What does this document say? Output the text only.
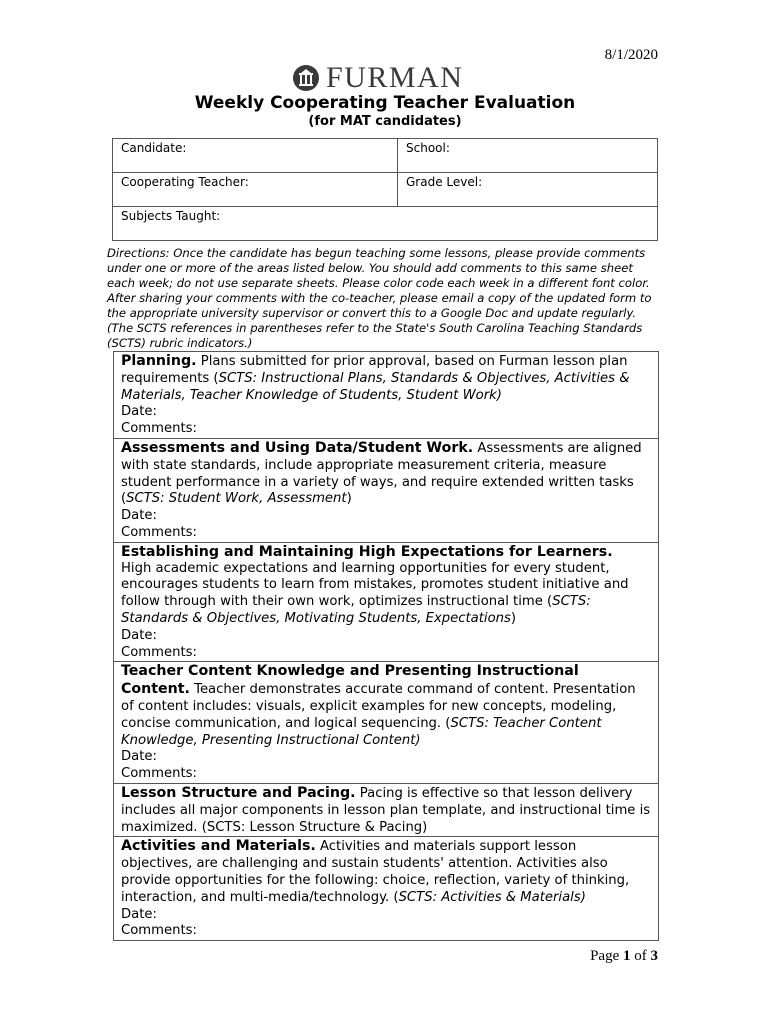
8/1/2020
FURMAN
Weekly Cooperating Teacher Evaluation
(for MAT candidates)
Candidate:	School:
Cooperating Teacher:	Grade Level:
Subjects Taught:	
Directions: Once the candidate has begun teaching some lessons, please provide comments under one or more of the areas listed below. You should add comments to this same sheet each week; do not use separate sheets. Please color code each week in a different font color. After sharing your comments with the co-teacher, please email a copy of the updated form to the appropriate university supervisor or convert this to a Google Doc and update regularly. (The SCTS references in parentheses refer to the State's South Carolina Teaching Standards (SCTS) rubric indicators.)
Planning. Plans submitted for prior approval, based on Furman lesson plan requirements (SCTS: Instructional Plans, Standards & Objectives, Activities & Materials, Teacher Knowledge of Students, Student Work)
Date:
Comments:
Assessments and Using Data/Student Work. Assessments are aligned with state standards, include appropriate measurement criteria, measure student performance in a variety of ways, and require extended written tasks (SCTS: Student Work, Assessment)
Date:
Comments:
Establishing and Maintaining High Expectations for Learners.
High academic expectations and learning opportunities for every student, encourages students to learn from mistakes, promotes student initiative and follow through with their own work, optimizes instructional time (SCTS: Standards & Objectives, Motivating Students, Expectations)
Date:
Comments:
Teacher Content Knowledge and Presenting Instructional Content. Teacher demonstrates accurate command of content. Presentation of content includes: visuals, explicit examples for new concepts, modeling, concise communication, and logical sequencing. (SCTS: Teacher Content Knowledge, Presenting Instructional Content)
Date:
Comments:
Lesson Structure and Pacing. Pacing is effective so that lesson delivery includes all major components in lesson plan template, and instructional time is maximized. (SCTS: Lesson Structure & Pacing)
Activities and Materials. Activities and materials support lesson objectives, are challenging and sustain students' attention. Activities also provide opportunities for the following: choice, reflection, variety of thinking, interaction, and multi-media/technology. (SCTS: Activities & Materials)
Date:
Comments:
Page 1 of 3
